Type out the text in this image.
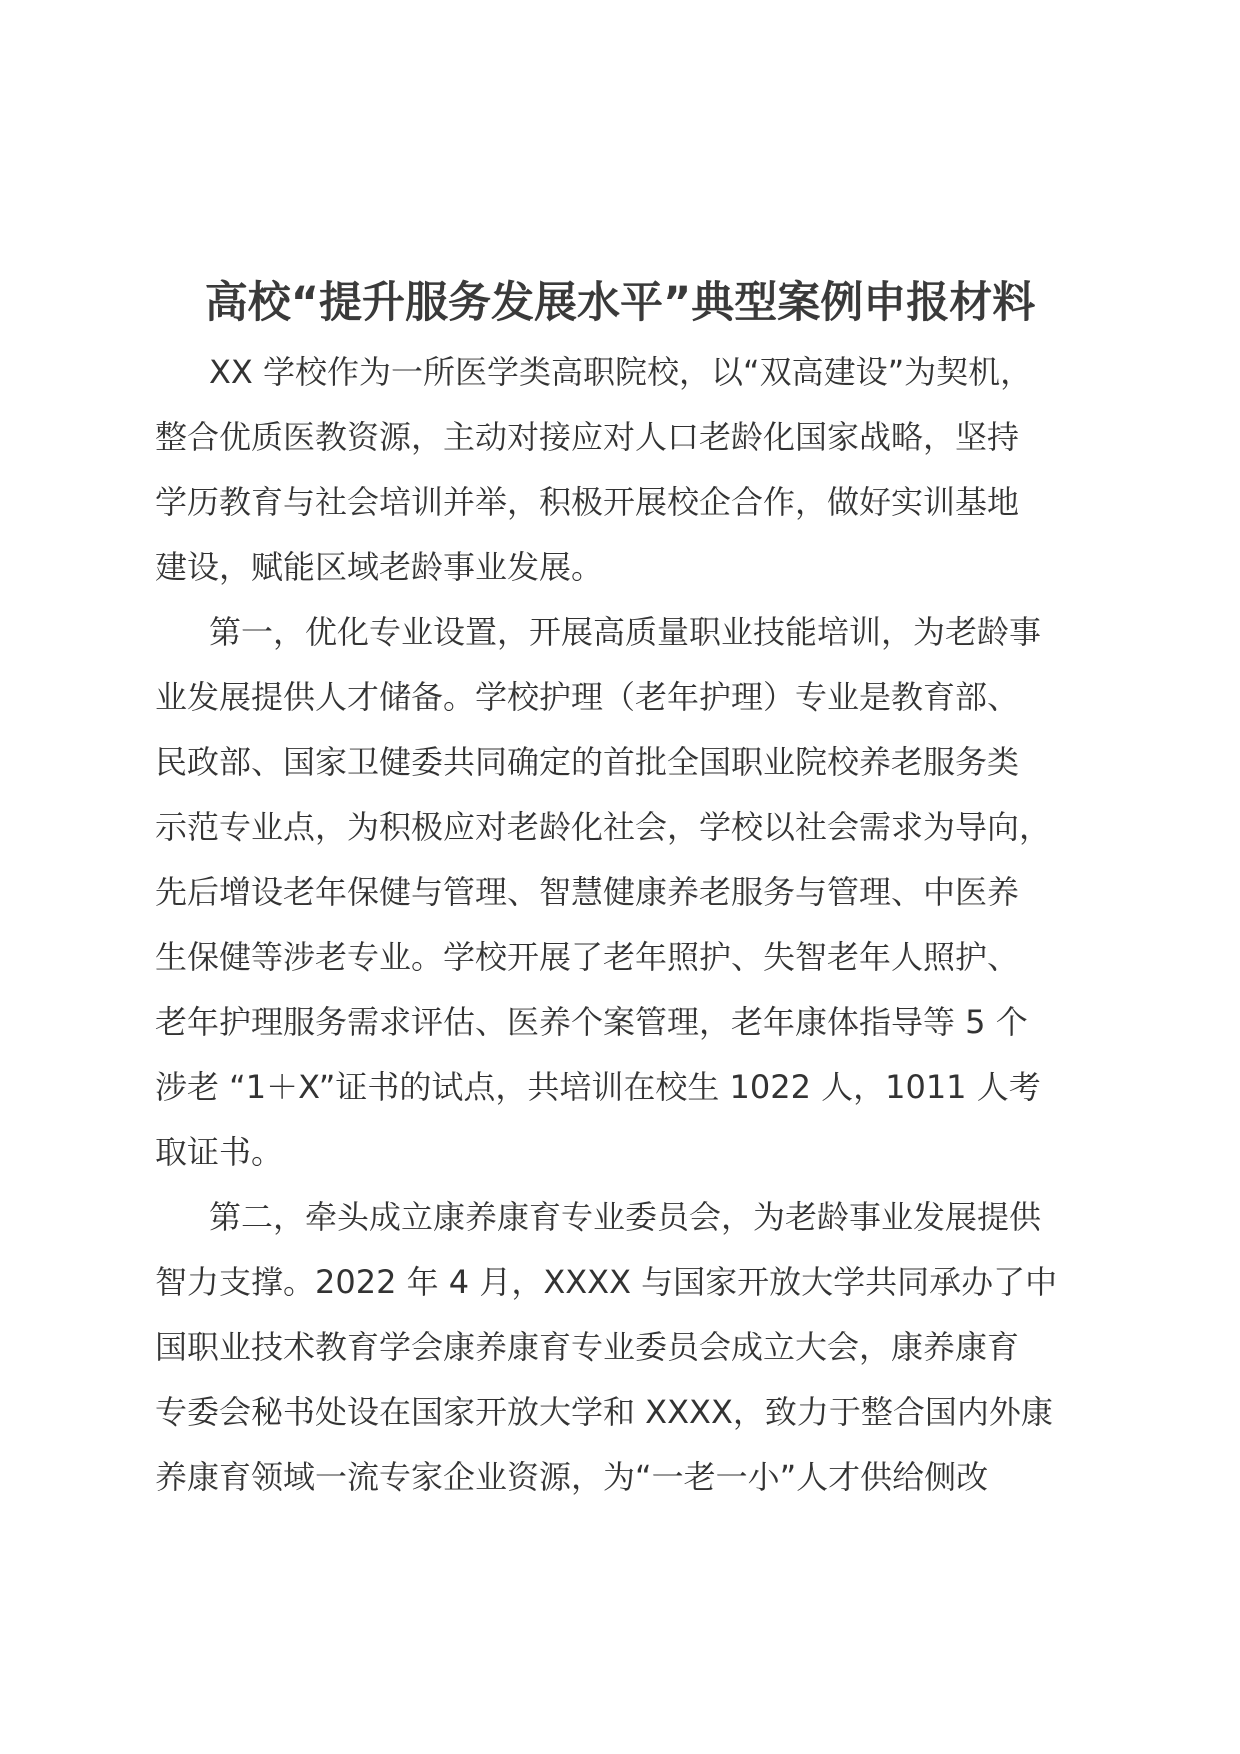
高校“提升服务发展水平”典型案例申报材料
XX 学校作为一所医学类高职院校，以“双高建设”为契机，
整合优质医教资源，主动对接应对人口老龄化国家战略，坚持
学历教育与社会培训并举，积极开展校企合作，做好实训基地
建设，赋能区域老龄事业发展。
第一，优化专业设置，开展高质量职业技能培训，为老龄事
业发展提供人才储备。学校护理（老年护理）专业是教育部、
民政部、国家卫健委共同确定的首批全国职业院校养老服务类
示范专业点，为积极应对老龄化社会，学校以社会需求为导向，
先后增设老年保健与管理、智慧健康养老服务与管理、中医养
生保健等涉老专业。学校开展了老年照护、失智老年人照护、
老年护理服务需求评估、医养个案管理，老年康体指导等 5 个
涉老 “1＋X”证书的试点，共培训在校生 1022 人，1011 人考
取证书。
第二，牵头成立康养康育专业委员会，为老龄事业发展提供
智力支撑。2022 年 4 月，XXXX 与国家开放大学共同承办了中
国职业技术教育学会康养康育专业委员会成立大会，康养康育
专委会秘书处设在国家开放大学和 XXXX，致力于整合国内外康
养康育领域一流专家企业资源，为“一老一小”人才供给侧改
